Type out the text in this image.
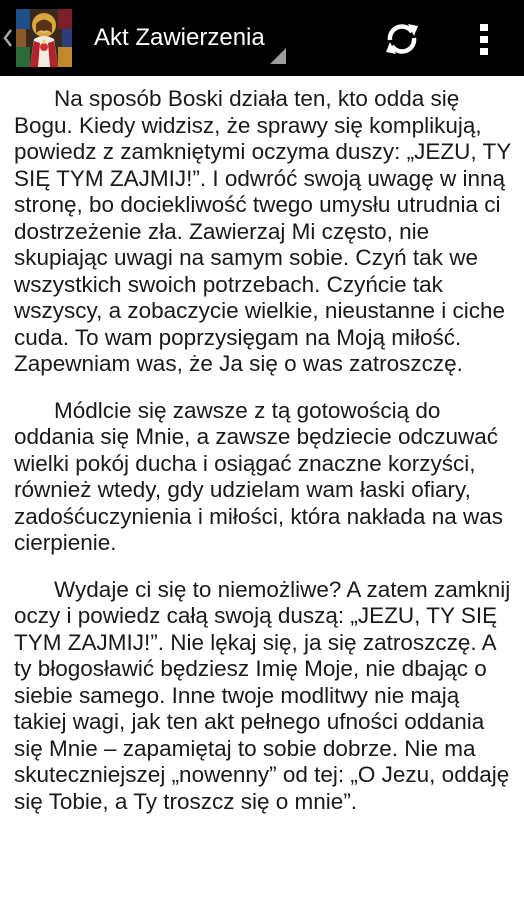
Akt Zawierzenia

Na sposób Boski działa ten, kto odda się Bogu. Kiedy widzisz, że sprawy się komplikują, powiedz z zamkniętymi oczyma duszy: „JEZU, TY SIĘ TYM ZAJMIJ!”. I odwróć swoją uwagę w inną stronę, bo dociekliwość twego umysłu utrudnia ci dostrzeżenie zła. Zawierzaj Mi często, nie skupiając uwagi na samym sobie. Czyń tak we wszystkich swoich potrzebach. Czyńcie tak wszyscy, a zobaczycie wielkie, nieustanne i ciche cuda. To wam poprzysięgam na Moją miłość. Zapewniam was, że Ja się o was zatroszczę.

Módlcie się zawsze z tą gotowością do oddania się Mnie, a zawsze będziecie odczuwać wielki pokój ducha i osiągać znaczne korzyści, również wtedy, gdy udzielam wam łaski ofiary, zadośćuczynienia i miłości, która nakłada na was cierpienie.

Wydaje ci się to niemożliwe? A zatem zamknij oczy i powiedz całą swoją duszą: „JEZU, TY SIĘ TYM ZAJMIJ!”. Nie lękaj się, ja się zatroszczę. A ty błogosławić będziesz Imię Moje, nie dbając o siebie samego. Inne twoje modlitwy nie mają takiej wagi, jak ten akt pełnego ufności oddania się Mnie – zapamiętaj to sobie dobrze. Nie ma skuteczniejszej „nowenny” od tej: „O Jezu, oddaję się Tobie, a Ty troszcz się o mnie”.
